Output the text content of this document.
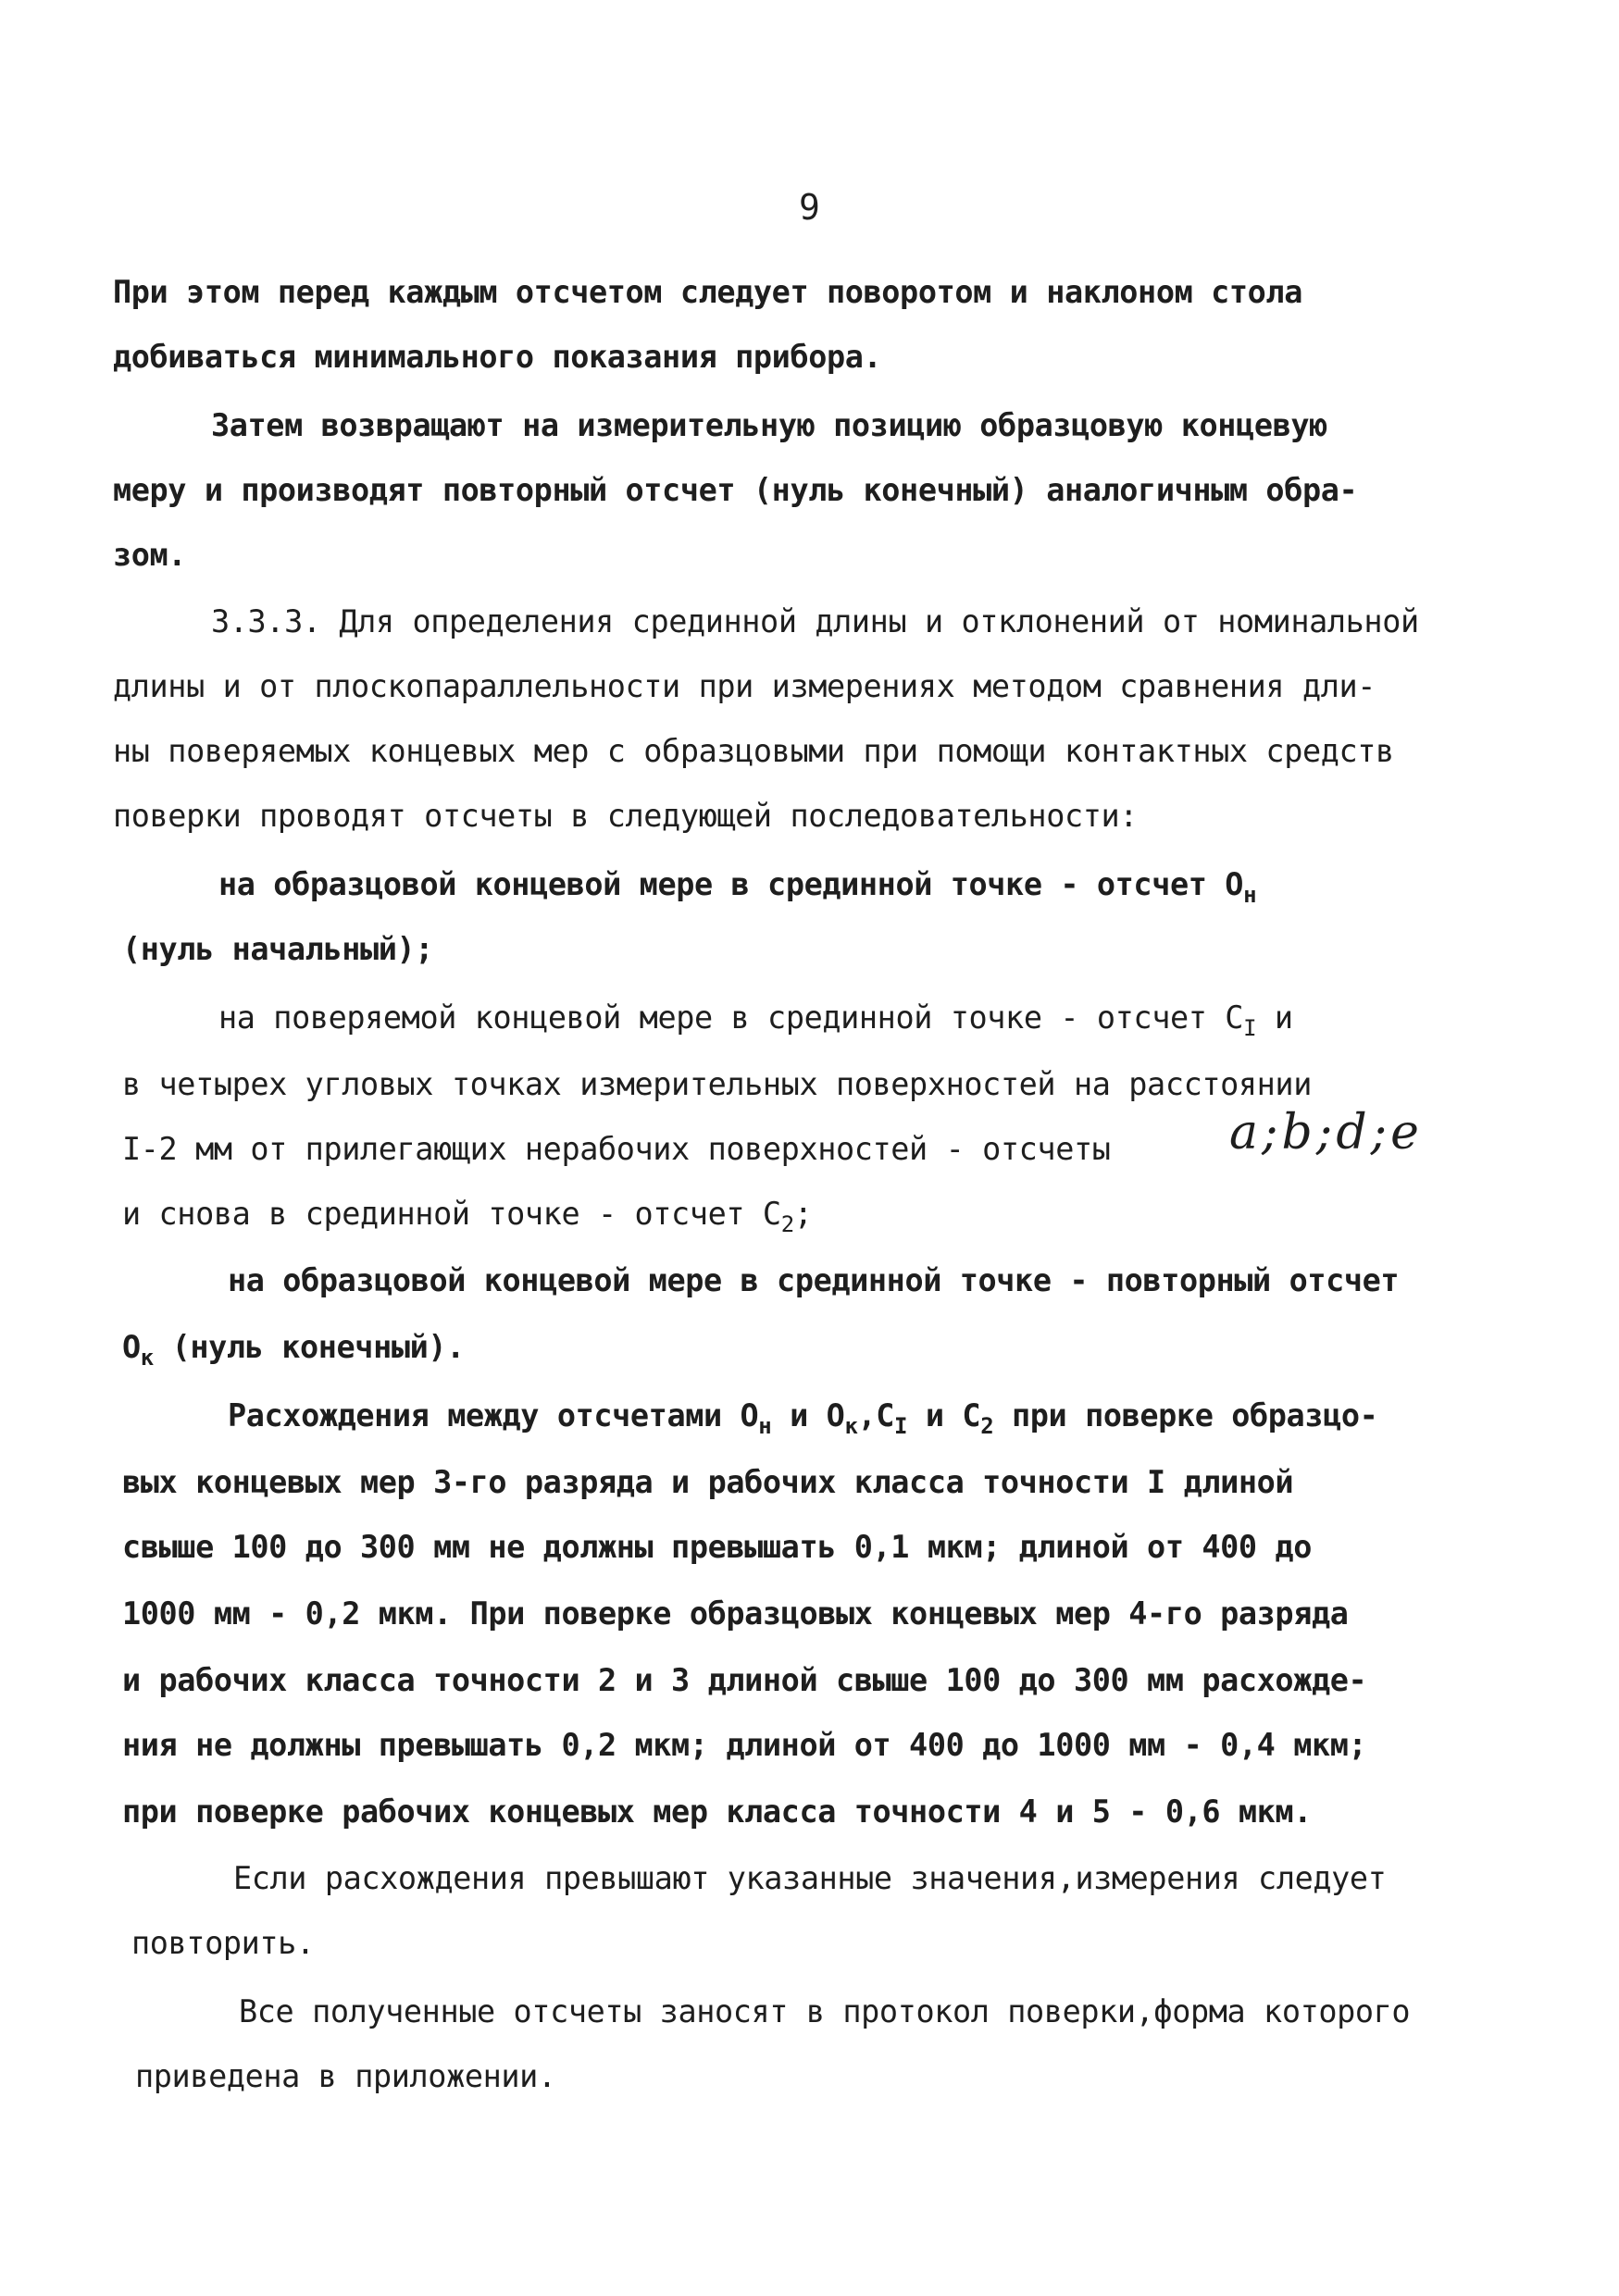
9
При этом перед каждым отсчетом следует поворотом и наклоном стола
добиваться минимального показания прибора.
Затем возвращают на измерительную позицию образцовую концевую
меру и производят повторный отсчет (нуль конечный) аналогичным обра-
зом.
3.3.3. Для определения срединной длины и отклонений от номинальной
длины и от плоскопараллельности при измерениях методом сравнения дли-
ны поверяемых концевых мер с образцовыми при помощи контактных средств
поверки проводят отсчеты в следующей последовательности:
на образцовой концевой мере в срединной точке - отсчет $О_н$
(нуль начальный);
на поверяемой концевой мере в срединной точке - отсчет $С_I$ и
в четырех угловых точках измерительных поверхностей на расстоянии
I-2 мм от прилегающих нерабочих поверхностей - отсчеты a;b;d;e
и снова в срединной точке - отсчет $С_2$;
на образцовой концевой мере в срединной точке - повторный отсчет
$О_к$ (нуль конечный).
Расхождения между отсчетами $О_н$ и $О_к,С_I$ и $С_2$ при поверке образцо-
вых концевых мер 3-го разряда и рабочих класса точности I длиной
свыше 100 до 300 мм не должны превышать 0,1 мкм; длиной от 400 до
1000 мм - 0,2 мкм. При поверке образцовых концевых мер 4-го разряда
и рабочих класса точности 2 и 3 длиной свыше 100 до 300 мм расхожде-
ния не должны превышать 0,2 мкм; длиной от 400 до 1000 мм - 0,4 мкм;
при поверке рабочих концевых мер класса точности 4 и 5 - 0,6 мкм.
Если расхождения превышают указанные значения,измерения следует
повторить.
Все полученные отсчеты заносят в протокол поверки,форма которого
приведена в приложении.
